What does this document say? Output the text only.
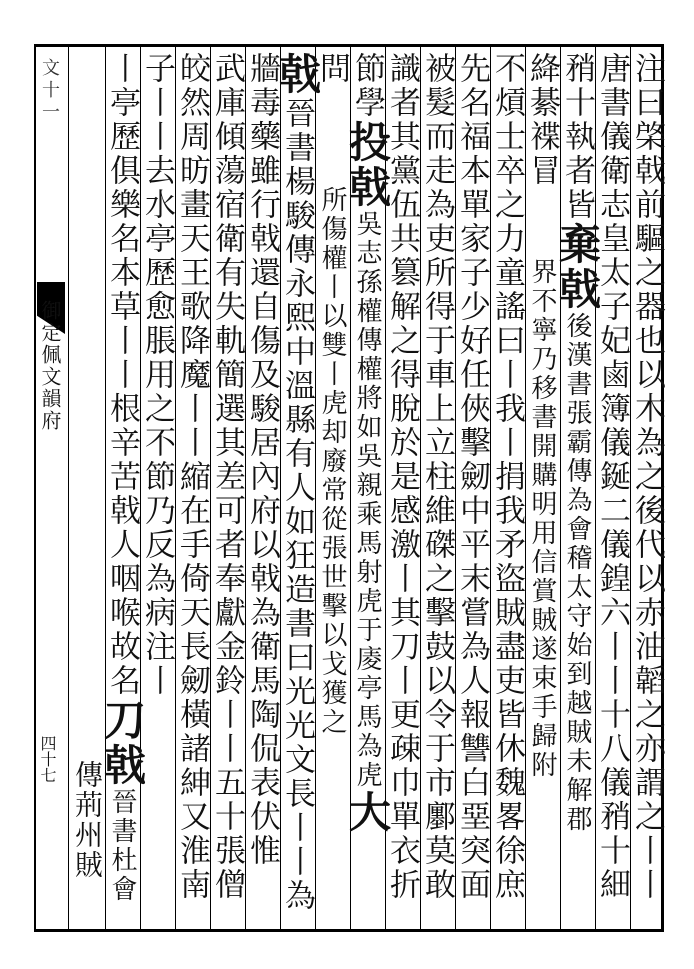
文十一
御定佩文韻府
四十七	注曰棨戟前驅之器也以木為之後代以赤油韜之亦謂之丨丨
唐書儀衛志皇太子妃鹵簿儀鋋二儀鍠六丨丨十八儀矟十細
矟十執者皆棄戟後漢書張霸傳為會稽太守始到越賊未解郡
絳綦褋冒界不寧乃移書開購明用信賞賊遂束手歸附
不熕士卒之力童謠曰丨我丨捐我矛盜賊盡吏皆休魏畧徐庶
先名福本單家子少好任俠擊劒中平末嘗為人報讐白堊突面
被髮而走為吏所得于車上立柱維磔之擊鼓以令于市鄽莫敢
識者其黨伍共篡解之得脫於是感激丨其刀丨更疎巾單衣折
節學投戟吳志孫權傳權將如吳親乘馬射虎于庱亭馬為虎大
問所傷權丨以雙丨虎却廢常從張世擊以戈獲之
戟晉書楊駿傳永熙中溫縣有人如狂造書曰光光文長丨丨為
牆毒藥雖行戟還自傷及駿居內府以戟為衛馬陶侃表伏惟
武庫傾蕩宿衛有失軌簡選其差可者奉獻金鈴丨丨五十張僧
皎然周昉畫天王歌降魔丨丨縮在手倚天長劒橫諸紳又淮南
子丨丨去水亭歷愈脹用之不節乃反為病注丨
丨亭歷俱樂名本草丨丨根辛苦戟人咽喉故名刀戟晉書杜會
傳荊州賊
